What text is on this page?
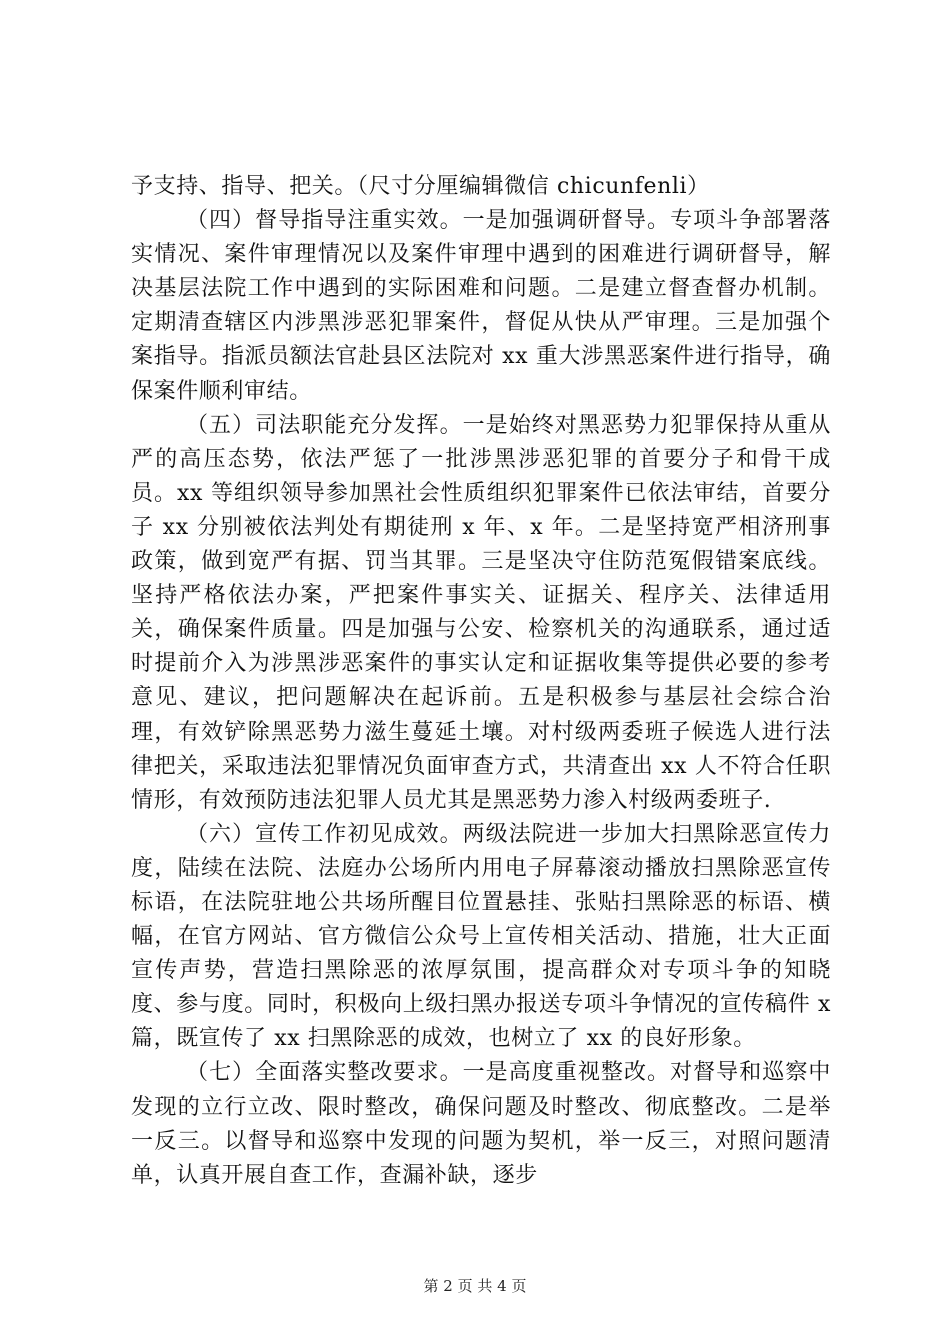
予支持、指导、把关。（尺寸分厘编辑微信 chicunfenli）

（四）督导指导注重实效。一是加强调研督导。专项斗争部署落实情况、案件审理情况以及案件审理中遇到的困难进行调研督导，解决基层法院工作中遇到的实际困难和问题。二是建立督查督办机制。定期清查辖区内涉黑涉恶犯罪案件，督促从快从严审理。三是加强个案指导。指派员额法官赴县区法院对 xx 重大涉黑恶案件进行指导，确保案件顺利审结。

（五）司法职能充分发挥。一是始终对黑恶势力犯罪保持从重从严的高压态势，依法严惩了一批涉黑涉恶犯罪的首要分子和骨干成员。xx 等组织领导参加黑社会性质组织犯罪案件已依法审结，首要分子 xx 分别被依法判处有期徒刑 x 年、x 年。二是坚持宽严相济刑事政策，做到宽严有据、罚当其罪。三是坚决守住防范冤假错案底线。坚持严格依法办案，严把案件事实关、证据关、程序关、法律适用关，确保案件质量。四是加强与公安、检察机关的沟通联系，通过适时提前介入为涉黑涉恶案件的事实认定和证据收集等提供必要的参考意见、建议，把问题解决在起诉前。五是积极参与基层社会综合治理，有效铲除黑恶势力滋生蔓延土壤。对村级两委班子候选人进行法律把关，采取违法犯罪情况负面审查方式，共清查出 xx 人不符合任职情形，有效预防违法犯罪人员尤其是黑恶势力渗入村级两委班子.

（六）宣传工作初见成效。两级法院进一步加大扫黑除恶宣传力度，陆续在法院、法庭办公场所内用电子屏幕滚动播放扫黑除恶宣传标语，在法院驻地公共场所醒目位置悬挂、张贴扫黑除恶的标语、横幅，在官方网站、官方微信公众号上宣传相关活动、措施，壮大正面宣传声势，营造扫黑除恶的浓厚氛围，提高群众对专项斗争的知晓度、参与度。同时，积极向上级扫黑办报送专项斗争情况的宣传稿件 x 篇，既宣传了 xx 扫黑除恶的成效，也树立了 xx 的良好形象。

（七）全面落实整改要求。一是高度重视整改。对督导和巡察中发现的立行立改、限时整改，确保问题及时整改、彻底整改。二是举一反三。以督导和巡察中发现的问题为契机，举一反三，对照问题清单，认真开展自查工作，查漏补缺，逐步

第 2 页 共 4 页
